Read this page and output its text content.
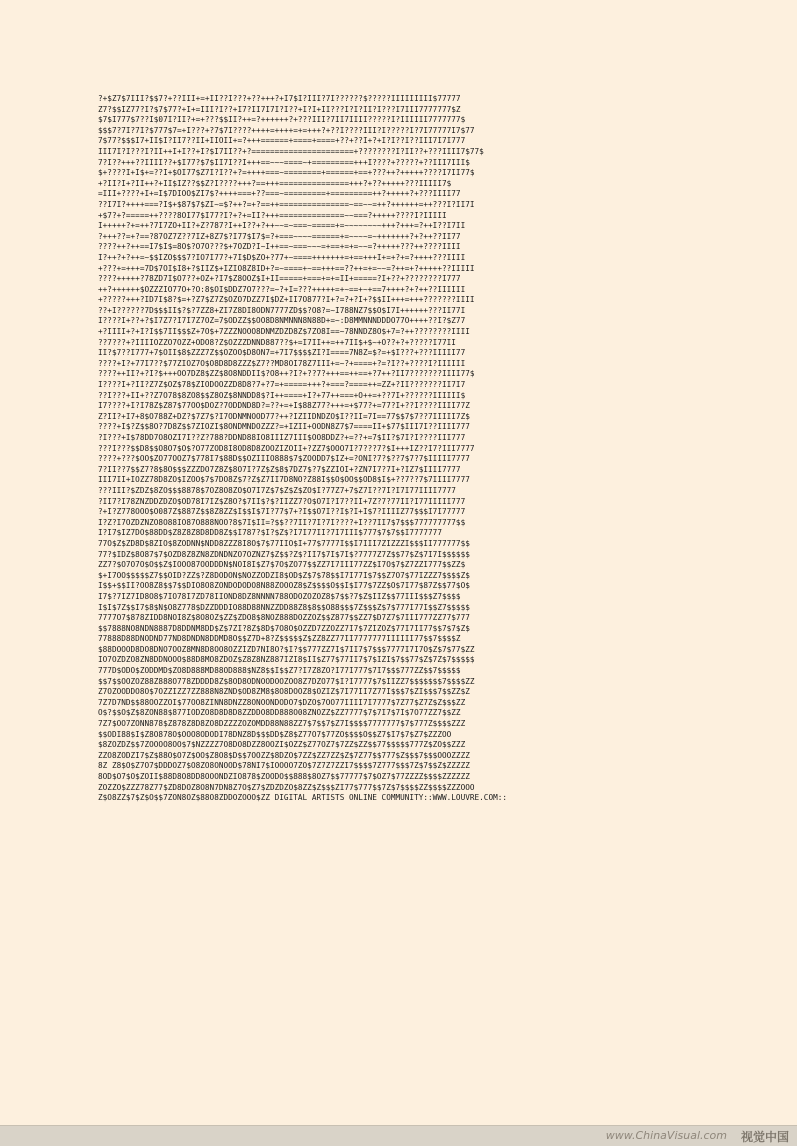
?+$Z7$7III?$$7?+??III+=+II??I???+??+++?+I7$I?III?7I??????$?????IIIIIIIII$77777
Z7?$$IZ77?I?$7$77?+I+=III?I??+I7?II7I7I?I??+I?I+II???I?I?II?I???I7III7777777$Z
$7$I777$7??I$07I?II?+=+???$$II?++=?++++++?+???III?7II7IIII?????I?IIIIII7777777$
$$$7?7I?7I?$777$7=+I???+?7$7I????++++=++++=+=+++?+??I????III?I?????I?7I77777I7$77
7$77?$$$I7+II$I?II7??II+IIOII+=?+++======+====+====+??+??I+?+I?I??I??III7I7I777
III7I?I???I?II++I+I??+I?$I7II??+?======================+????????I?II??+???IIII7$77$
7?I??+++??IIII??+$I77?$7$II7I??I+++==~~~====~+=========+++I????+?????+??III7III$
$+????I+I$+=??I+$OI77$Z7I?I??+?=++++===~========+======+==+???++?+++++????I7II77$
+?II?I+?II++?+II$IZ??$$Z?I????+++?==+++===============+++?+??+++++???IIIII7$
=III+????+I+=I$7DIOO$ZI7$?++++===+??===~=========+=========++?+++++?+???IIII77
??I7I?++++===?I$+$87$7$ZI~=$?++?=+?==++===============~==~~=++?++++++=++???I?II7I
+$7?+?=====++????8OI77$I77?I?+?+=II?+++==============~~===?+++++????I?IIIII
I+++++?+=++?7I7ZO+II?+Z?787?I++I??+?++~~=~===~=====+=~~~~~~~~+++?+++=?++I??I7II
?+++??=+?==?87OZ7Z??7IZ+8Z7$?I77$I7$=?+===~~~~======+=~~~~=~+++++++?+?++??II77
????++?++==I7$I$=8O$?O7O???$+7OZD?I~I++==~===~~~=+==+=+=~~=?+++++???++????IIII
I?++?+?++=~$$IZO$$$7?IO7I77?+7I$D$ZO+?77+~====+++++++=+==+++I+=+?+=?++++???IIII
+???+=+++=7D$7OI$I8+?$IIZ$+IZIO8Z8ID+?=~====+~==+++==??++=+=~~=?++=+?+++++??IIIII
????+++++?78ZD7I$O7??+OZ+?I7$Z8OOZ$I+II=====+===+=+=II+=====?I+??+????????I777
++?++++++$OZZZIO77O+?O:8$OI$DDZ7O7???=~?+I=???+++++=+~==+~+==7++++?+?++??IIIIII
+?????+++?ID7I$8?$=+?Z7$Z7Z$OZO7DZZ7I$DZ+II7O877?I+?=?+?I+?$$II+++=+++???????IIII
??+I??????7D$$$II$?$?7ZZ8+ZI7Z8DI8ODN7777ZD$$?O8?=~I788NZ7$$O$I7I++++++???II77I
I????I+??+?$I7Z7?I7I7Z7OZ=7$ODZZ$$OO8D8NMNNN8N88D+=~:D8MMNNNDDDO77O++++??I?$Z77
+?IIII+?+I?I$$7II$$$Z+7O$+7ZZZNOOO8DNMZDZD8Z$7ZO8I==~78NNDZ8O$+7=?++????????IIII
??7???+?IIIIOZZO7OZZ+ODO8?Z$OZZZDNND887??$+=I7II++=++7II$+$~+O??+?+?????I77II
II?$7??I777+7$OII$8$ZZZ7Z$$OZOO$D8ON7=+7I7$$$$ZI?I====7N8Z=$?=+$I???+???IIIII77
????+I?+77I7??$77ZIOZ7O$O8D8D8ZZZ$Z7??MD8OI78Z7III+=~?+====+?=?I??+????I?IIIIII
????++II?+?I?$+++OO7DZ8$ZZ$8O8NDDII$?O8++?I?+??7?+++==++==+?7++?II7???????IIII77$
I????I+?II?Z7Z$OZ$78$ZIODOOZZD8D8?7+?7=+=====+++?+===?====++=ZZ+?II???????II7I7
??I???+II+??Z7O78$8ZO8$$Z8OZ$8NNDD8$?I++====+I?+77++===+O++=+??7I+??????IIIIII$
I7????+I?I78Z$Z87$77OO$DOZ?7ODDND8D?=??+=+I$88Z77?+++=+$77?+=77?I+??I????IIII77Z
Z?II?+I7+8$O788Z+DZ?$7Z7$?I7ODNMNOOD77?++?IZIIDNDZO$I??II=7I==77$$7$7??7IIIII7Z$
????+I$?Z$$8O?7D8Z$$7ZIOZI$8ONDMNDOZZZ?=+IZII+OODN8Z7$7====II+$77$III7I??IIII777
?I???+I$78DD7O8OZI7I??Z?788?DDND88IO8IIIZ7III$OO8DDZ?+=??+=7$II?$7I?I????III777
???I???$$D8$$O8O7$O$?O77ZOD8I8OD8D8ZOOZIZOII+?ZZ7$OOO7I?7???7?$I+++IZ??I7?III7777
????+???$OO$ZO77OOZ7$778I7$88D$$OZIIIO888$7$ZOODD7$IZ+=?ONI?7?$??7$7?7$IIIII7777
7?II??7$$Z7?8$8O$$$ZZZDO7Z8Z$8O7I?7Z$Z$8$7DZ7$?7$ZZIOI+?ZN7I7?7I+?IZ7$IIII7777
III7II+IOZZ78D8ZO$IZOO$7$7DO8Z$7?Z$Z7II7D8NO?Z88I$$O$OO$$OD8$I$+??7??7$7IIII7777
???III?$ZDZ$8ZO$$$8878$7OZ8O8ZO$O7I7Z$7$Z$Z$ZO$I?77Z7+7$Z7I??7I?I7I77IIII7777
?II7?I78ZNZDDZDZO$OD78I7IZ$Z8O?$7II$?$?IIZZ7?O$O7I?I7??II+7Z?7?77II?I77IIIII777
?+I?Z778OOO$O087Z$887Z$$8Z8ZZ$I$$I$7I?77$7+?I$$O7I??I$?I+I$7?IIIIZ77$$$I7I77777
I?Z?I7OZDZNZO8O88IO87O888NOO?8$7I$II=?$$??7II?7I?7I????+I??7II7$7$$$777777777$$
I?I7$IZ7DO$88DD$Z8Z8Z8D8DD8Z$$I787?$I?$Z$?I7I77II?7I7III$777$7$7$$I7777777
77O$Z$ZD8D$8ZIO$8ZODNN$NDD8ZZZ8I8O$7$77IIO$I+77$7777I$$I7III7ZIZZZI$$$II777777$$
77?$IDZ$8O87$7$OZD8Z8ZN8ZDNDNZO7OZNZ7$Z$$?Z$?II7$7I$7I$?7777Z7Z$$77$Z$7I7I$$$$$$
ZZ7?$O7O7O$O$$Z$IOOO87OODDDN$NOI8I$Z7$7O$ZO77$$ZZ7I7III77ZZ$I7O$7$Z7ZZI777$$ZZ$
$+I7OO$$$$$Z7$$OID?ZZ$?Z8DODON$NOZZODZI8$OD$Z$7$78$$I7I77I$7$$Z7O7$77IZZZ7$$$$Z$
I$$+$$II?OO8Z8$$7$$DIO8O8ZONDODODO8N88ZOOOZ8$Z$$$$O$$I$I77$7ZZ$O$7I77$87Z$$77$O$
I7$?7IZ7ID8O8$7IO78I7ZD78IIOND8DZ8NNNN788ODOZOZOZ8$7$$?7$Z$IIZ$$77III$$$Z7$$$$
I$I$7Z$$I7$8$N$O8Z778$DZZDDDIO88D88NNZZDD88Z8$8$$O88$$$7Z$$$Z$7$777I77I$$Z7$$$$$
7777O7$878ZIDD8NOI8Z$8O8OZ$ZZ$ZDO8$8NOZ888DOZZOZ$$Z877$$ZZ7$D7Z7$7III777ZZ77$777
$$7888NO8NDN8887D8DDNM8DD$Z$7ZI?8Z$8D$7O8O$OZZD7ZZOZZ7I7$7ZIZOZ$77I7II77$$7$7$Z$
77888D88DNODND77ND8DNDN8DDMD8O$$Z7D+8?Z$$$$$Z$ZZ8ZZ77II7777777IIIIII77$$7$$$$Z
$88DOOOD8DO8DNO7OOZ8MN8D8OO8OZZIZD7NI8O?$I?$$777ZZ7I$7II7$7$$$7777I7I7O$Z$7$77$ZZ
IO7OZDZO8ZN8DDNOOO$88D8MO8ZDOZ$Z8Z8NZ887IZI8$II$Z77$77II7$7$IZI$7$$77$Z$7Z$7$$$$$
777D$ODO$ZODDMD$ZO8D888MD88OD888$NZ8$$I$$Z7?I7Z8ZO?I77I777$7I7$$$777ZZ$$7$$$$$
$$7$$OOZOZ88Z888O778ZDDDD8Z$8OD8ODNOODOOZOO8Z7DZO77$I?I7777$7$IIZZ7$$$$$$$7$$$$ZZ
Z7OZOODDO8O$7OZZIZZ7ZZ888N8ZND$OD8ZM8$8O8DOOZ8$OZIZ$7I77II7Z77I$$$7$ZI$$$7$$ZZ$Z
7Z7D7ND$$88OOZZOI$77OO8ZINN8DNZZ8ONOONDODO7$DZO$7OO77IIII7I7777$7Z77$Z7Z$Z$$$ZZ
O$?$$O$Z$8ZON88$877IODZO8D8D8D8ZZDDO8DD888O08ZNOZZ$ZZ7777$7$7I7$7I$7O77ZZ7$$ZZ
7Z7$OO7ZONN878$Z878Z8D8ZO8DZZZZOZOMDD88N88ZZ7$7$$7$Z7I$$$$7777777$7$777Z$$$$ZZZ
$$ODI88$I$Z8O878O$OOO8ODODI78DNZ8D$$$DD$Z8$Z77O7$77ZO$$$$O$$Z7$I7$7$Z7$ZZZOO
$8ZOZDZ$$7ZOOOO8OO$7$NZZZZ7O8DO8DZZ8OOZI$OZZ$Z77OZ7$7ZZ$ZZ$$77$$$$$777Z$ZO$$ZZZ
ZZO8ZODZI7$Z$88O$O7Z$OO$Z8O8$D$$7OOZZ$8DZO$7ZZ$ZZ7ZZ$Z$7Z77$$777$Z$$$7$$$OOOZZZZ
8Z Z8$O$Z7O7$DDDOZ7$O8ZO8ONOOD$78NI7$IOOOO7ZO$7Z7Z7ZZI7$$$$7Z777$$$7Z$7$$Z$ZZZZZ
8OD$O7$O$ZOII$88D8O8DD8OOONDZIO878$ZOODO$$888$8OZ7$$77777$7$OZ7$77ZZZZ$$$$ZZZZZZ
ZOZZO$ZZZ78Z77$ZD8DOZ8O8N7DN8Z7O$Z7$ZDZDZO$8ZZ$Z$$$ZI77$777$$7Z$7$$$$ZZ$$$$ZZZOOO
Z$O8ZZ$7$Z$O$$7ZON8OZ$88O8ZDDOZOOO$ZZ DIGITAL ARTISTS ONLINE COMMUNITY::WWW.LOUVRE.COM::
www.ChinaVisual.com 视觉中国
